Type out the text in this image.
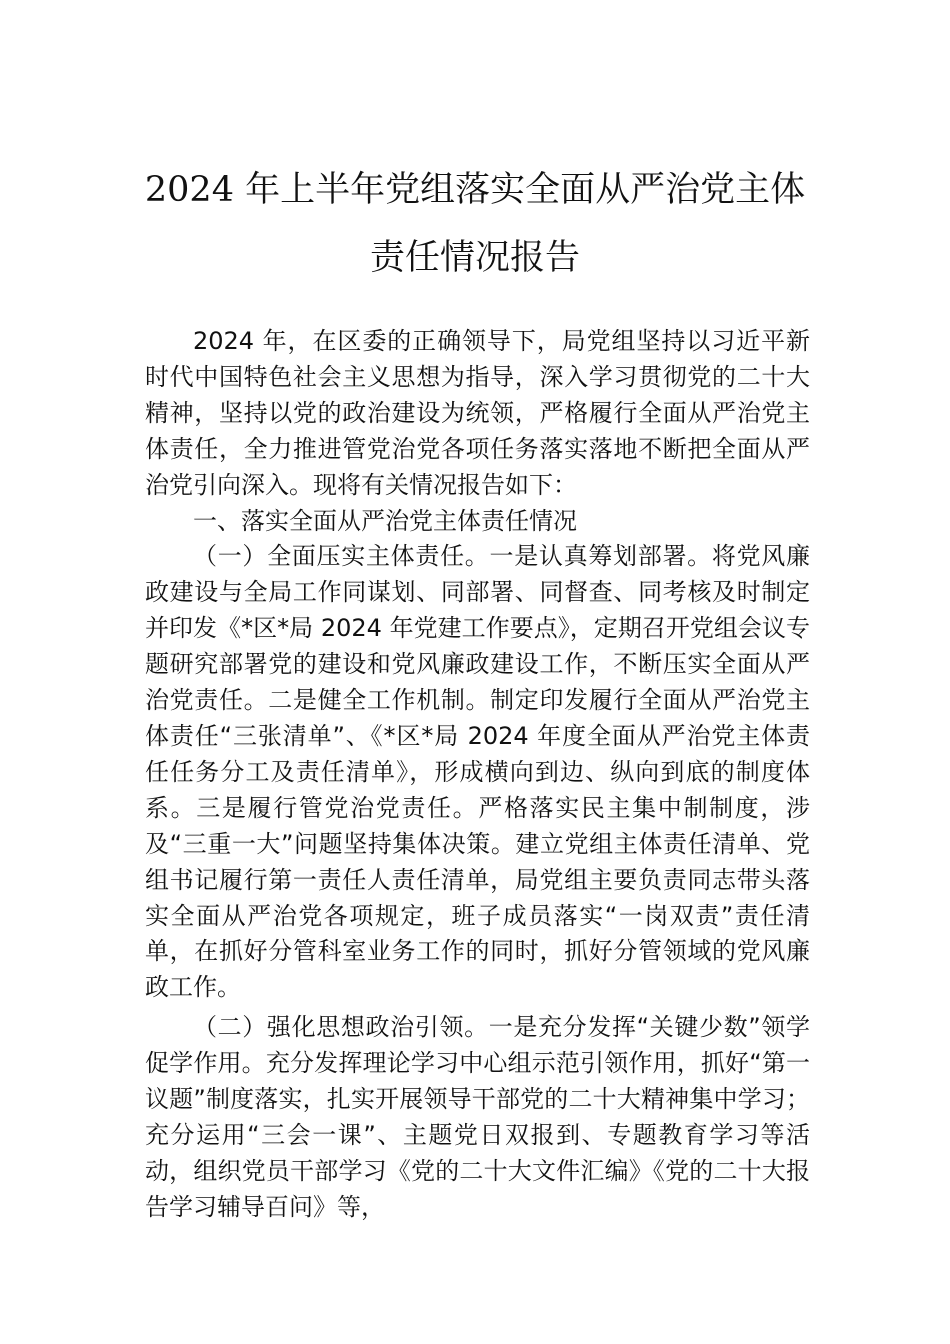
2024 年上半年党组落实全面从严治党主体
责任情况报告

2024 年，在区委的正确领导下，局党组坚持以习近平新时代中国特色社会主义思想为指导，深入学习贯彻党的二十大精神，坚持以党的政治建设为统领，严格履行全面从严治党主体责任，全力推进管党治党各项任务落实落地不断把全面从严治党引向深入。现将有关情况报告如下：

一、落实全面从严治党主体责任情况

（一）全面压实主体责任。一是认真筹划部署。将党风廉政建设与全局工作同谋划、同部署、同督查、同考核及时制定并印发《*区*局 2024 年党建工作要点》，定期召开党组会议专题研究部署党的建设和党风廉政建设工作，不断压实全面从严治党责任。二是健全工作机制。制定印发履行全面从严治党主体责任“三张清单”、《*区*局 2024 年度全面从严治党主体责任任务分工及责任清单》，形成横向到边、纵向到底的制度体系。三是履行管党治党责任。严格落实民主集中制制度，涉及“三重一大”问题坚持集体决策。建立党组主体责任清单、党组书记履行第一责任人责任清单，局党组主要负责同志带头落实全面从严治党各项规定，班子成员落实“一岗双责”责任清单，在抓好分管科室业务工作的同时，抓好分管领域的党风廉政工作。

（二）强化思想政治引领。一是充分发挥“关键少数”领学促学作用。充分发挥理论学习中心组示范引领作用，抓好“第一议题”制度落实，扎实开展领导干部党的二十大精神集中学习；充分运用“三会一课”、主题党日双报到、专题教育学习等活动，组织党员干部学习《党的二十大文件汇编》《党的二十大报告学习辅导百问》等，
